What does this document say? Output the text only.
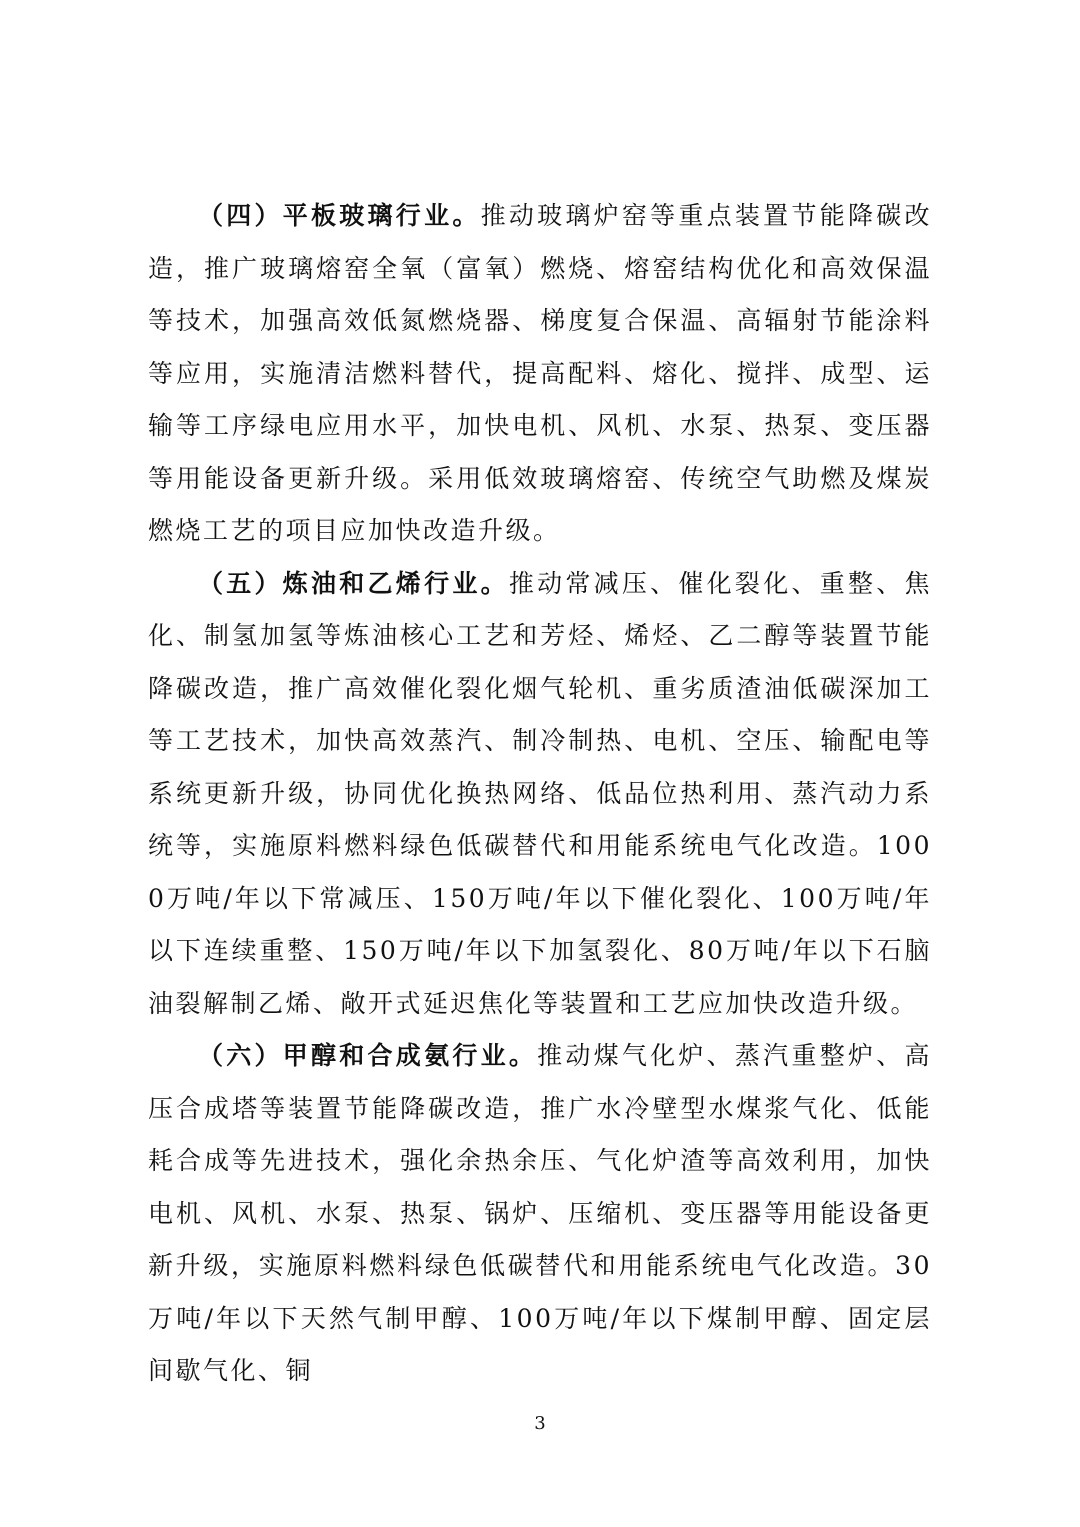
（四）平板玻璃行业。推动玻璃炉窑等重点装置节能降碳改造，推广玻璃熔窑全氧（富氧）燃烧、熔窑结构优化和高效保温等技术，加强高效低氮燃烧器、梯度复合保温、高辐射节能涂料等应用，实施清洁燃料替代，提高配料、熔化、搅拌、成型、运输等工序绿电应用水平，加快电机、风机、水泵、热泵、变压器等用能设备更新升级。采用低效玻璃熔窑、传统空气助燃及煤炭燃烧工艺的项目应加快改造升级。

（五）炼油和乙烯行业。推动常减压、催化裂化、重整、焦化、制氢加氢等炼油核心工艺和芳烃、烯烃、乙二醇等装置节能降碳改造，推广高效催化裂化烟气轮机、重劣质渣油低碳深加工等工艺技术，加快高效蒸汽、制冷制热、电机、空压、输配电等系统更新升级，协同优化换热网络、低品位热利用、蒸汽动力系统等，实施原料燃料绿色低碳替代和用能系统电气化改造。1000万吨/年以下常减压、150万吨/年以下催化裂化、100万吨/年以下连续重整、150万吨/年以下加氢裂化、80万吨/年以下石脑油裂解制乙烯、敞开式延迟焦化等装置和工艺应加快改造升级。

（六）甲醇和合成氨行业。推动煤气化炉、蒸汽重整炉、高压合成塔等装置节能降碳改造，推广水冷壁型水煤浆气化、低能耗合成等先进技术，强化余热余压、气化炉渣等高效利用，加快电机、风机、水泵、热泵、锅炉、压缩机、变压器等用能设备更新升级，实施原料燃料绿色低碳替代和用能系统电气化改造。30万吨/年以下天然气制甲醇、100万吨/年以下煤制甲醇、固定层间歇气化、铜

3
